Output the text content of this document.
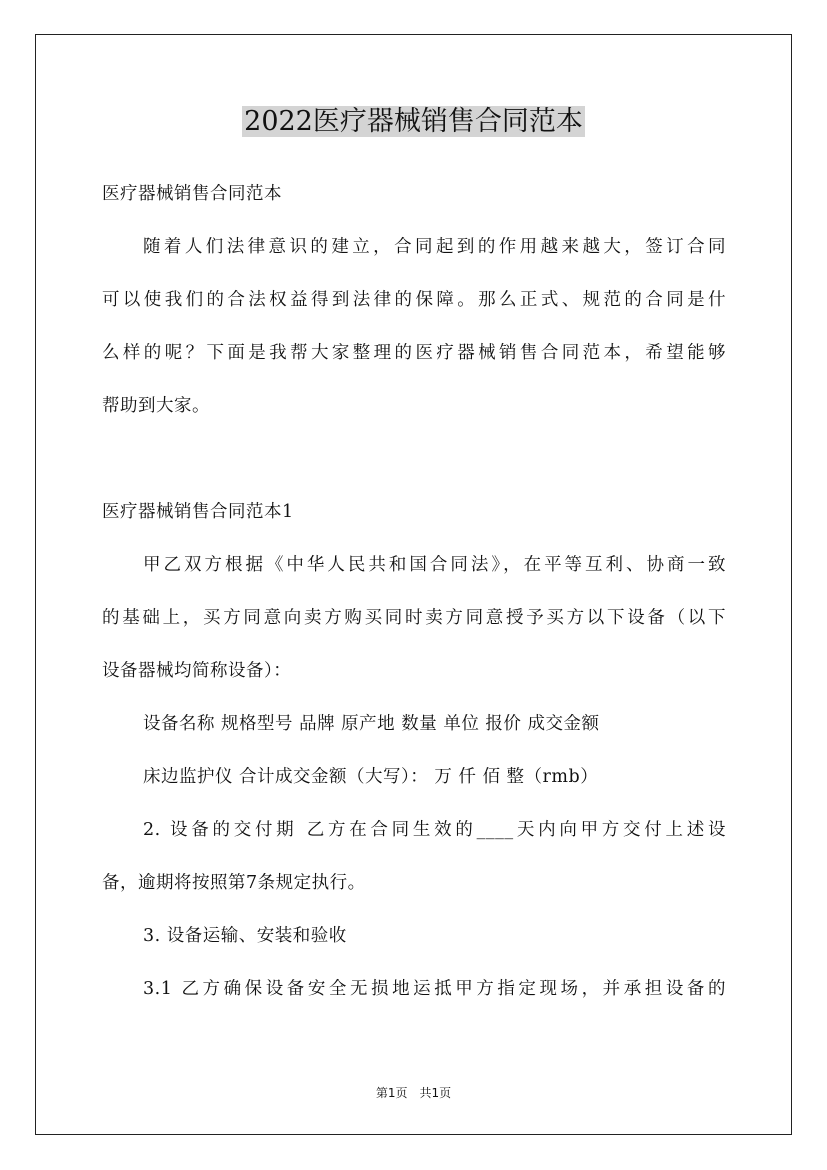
2022医疗器械销售合同范本
医疗器械销售合同范本
随着人们法律意识的建立，合同起到的作用越来越大，签订合同
可以使我们的合法权益得到法律的保障。那么正式、规范的合同是什
么样的呢？下面是我帮大家整理的医疗器械销售合同范本，希望能够
帮助到大家。
医疗器械销售合同范本1
甲乙双方根据《中华人民共和国合同法》，在平等互利、协商一致
的基础上，买方同意向卖方购买同时卖方同意授予买方以下设备（以下
设备器械均简称设备）：
设备名称 规格型号 品牌 原产地 数量 单位 报价 成交金额
床边监护仪 合计成交金额（大写）： 万 仟 佰 整（rmb）
2. 设备的交付期 乙方在合同生效的____天内向甲方交付上述设
备，逾期将按照第7条规定执行。
3. 设备运输、安装和验收
3.1 乙方确保设备安全无损地运抵甲方指定现场，并承担设备的
第1页 共1页
